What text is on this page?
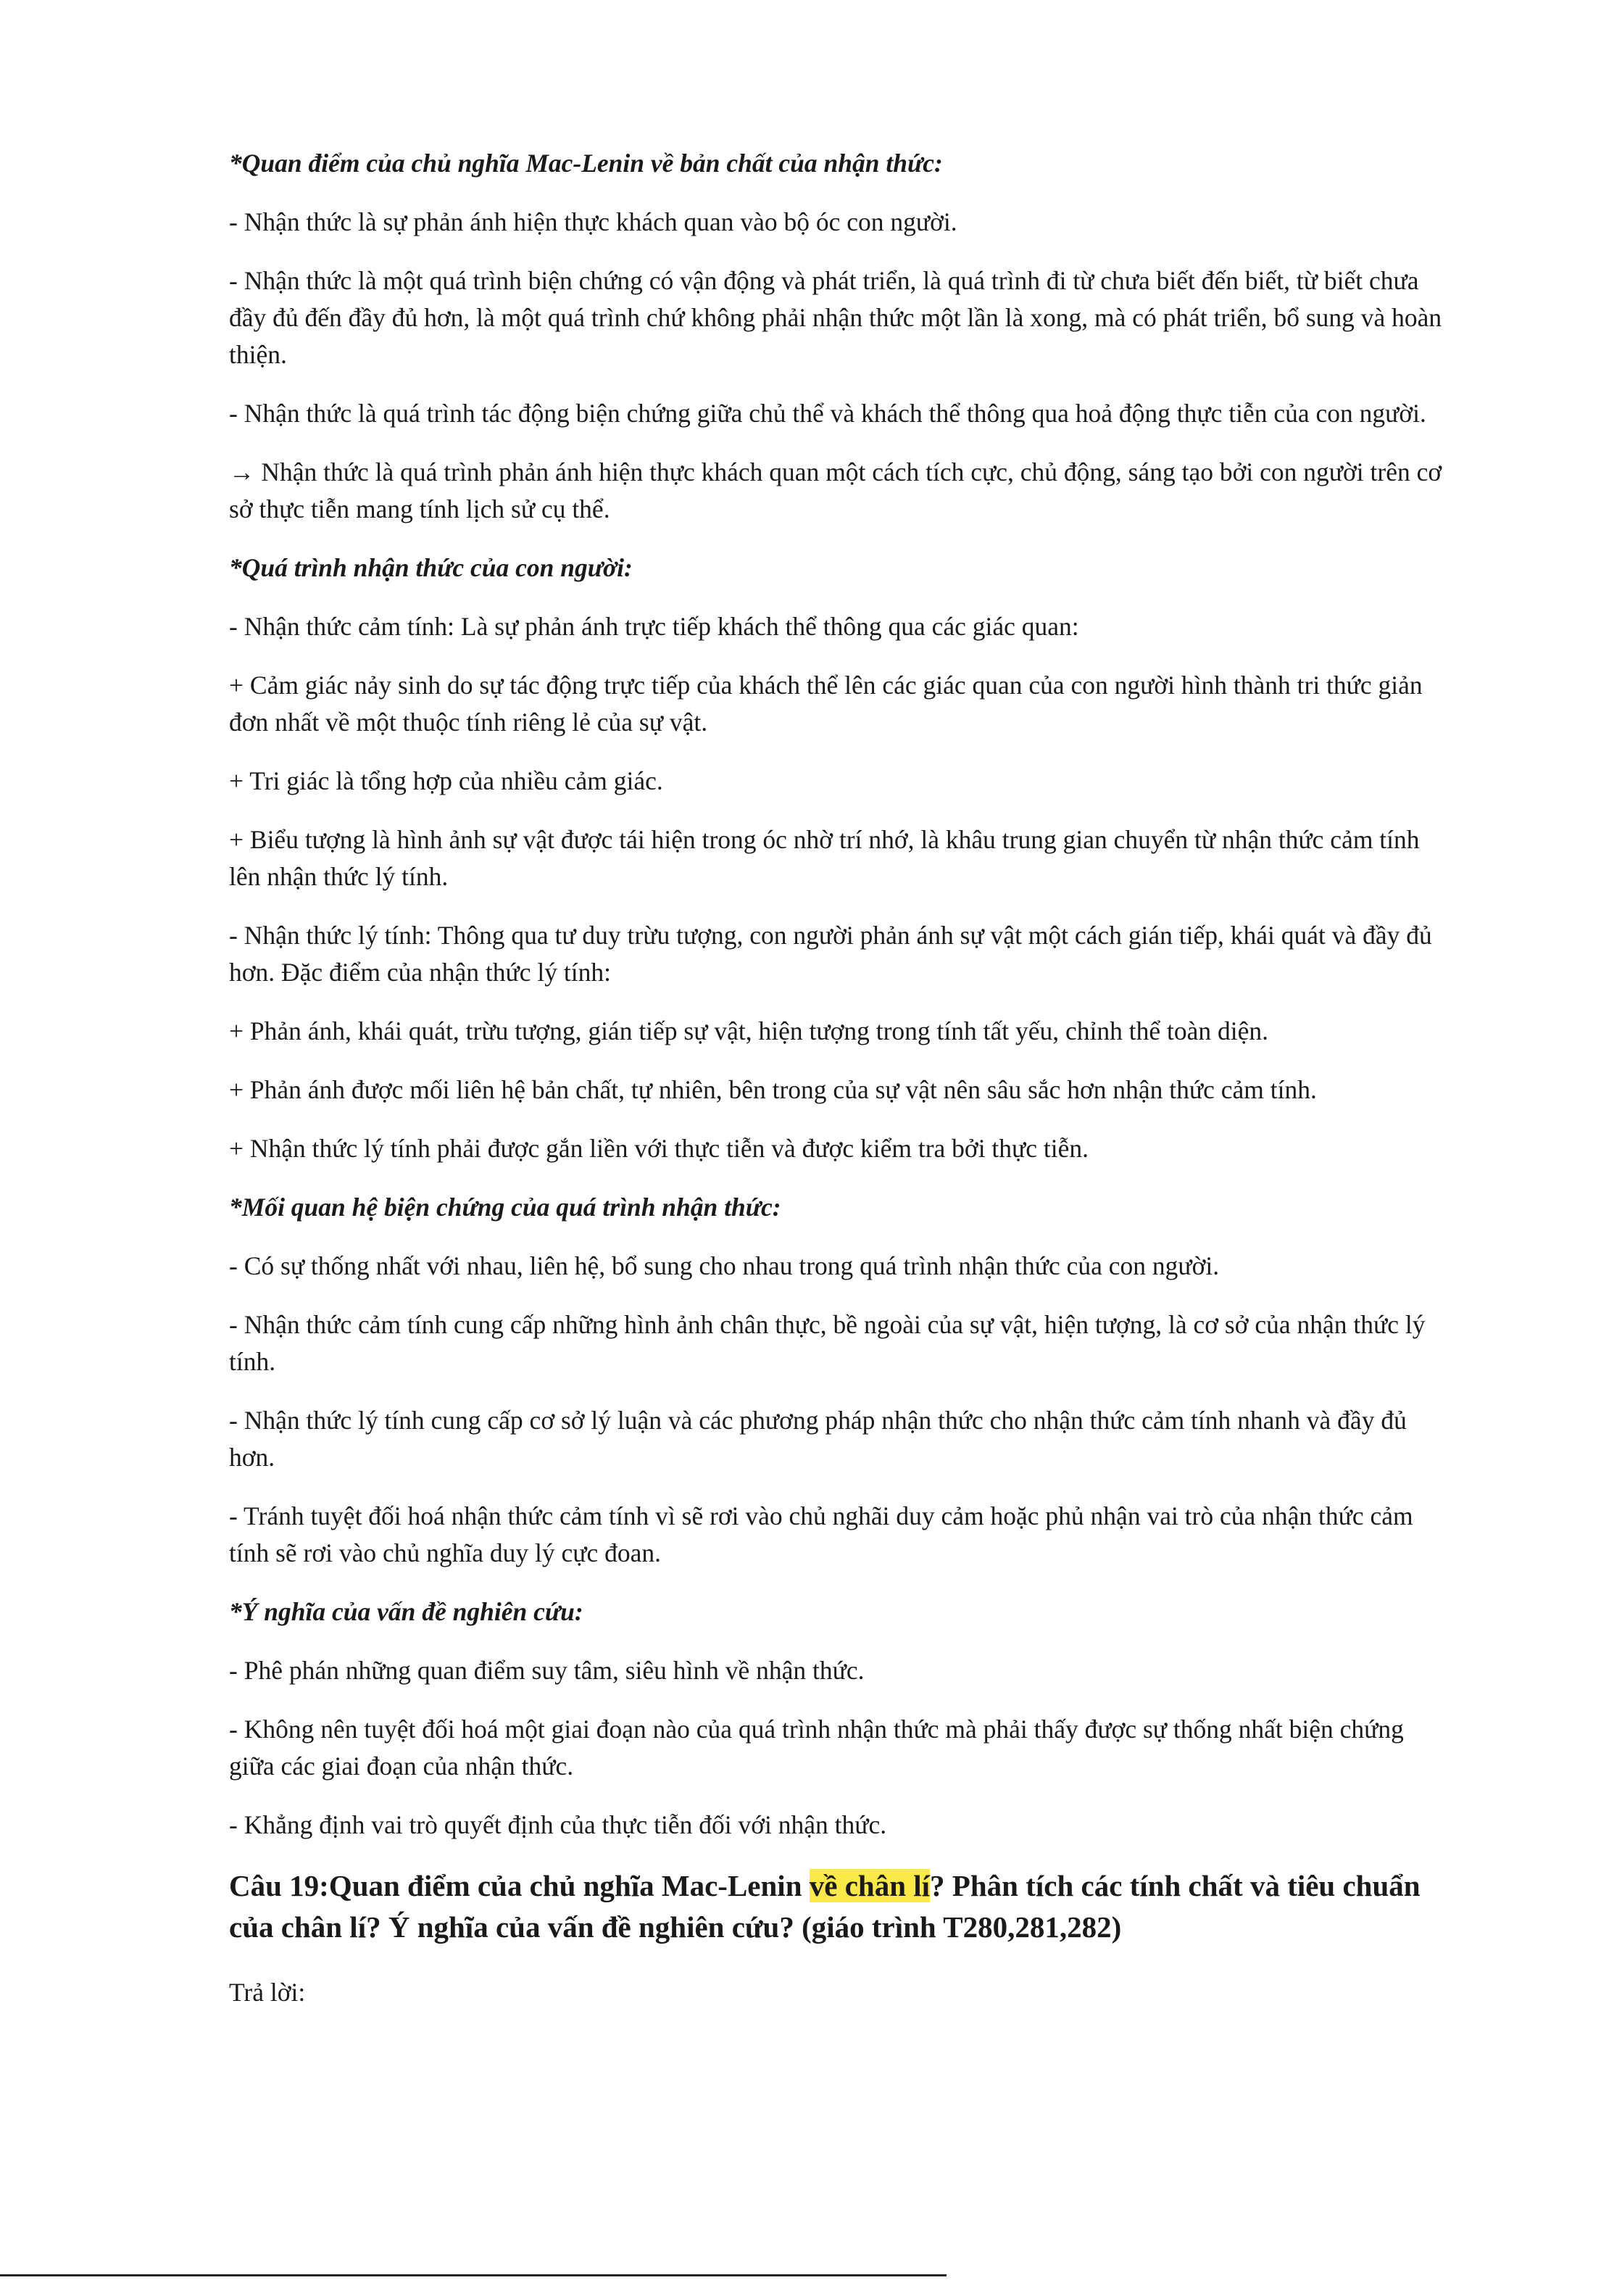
*Quan điểm của chủ nghĩa Mac-Lenin về bản chất của nhận thức:

- Nhận thức là sự phản ánh hiện thực khách quan vào bộ óc con người.

- Nhận thức là một quá trình biện chứng có vận động và phát triển, là quá trình đi từ chưa biết đến biết, từ biết chưa đầy đủ đến đầy đủ hơn, là một quá trình chứ không phải nhận thức một lần là xong, mà có phát triển, bổ sung và hoàn thiện.

- Nhận thức là quá trình tác động biện chứng giữa chủ thể và khách thể thông qua hoả động thực tiễn của con người.

→ Nhận thức là quá trình phản ánh hiện thực khách quan một cách tích cực, chủ động, sáng tạo bởi con người trên cơ sở thực tiễn mang tính lịch sử cụ thể.

*Quá trình nhận thức của con người:

- Nhận thức cảm tính: Là sự phản ánh trực tiếp khách thể thông qua các giác quan:

+ Cảm giác nảy sinh do sự tác động trực tiếp của khách thể lên các giác quan của con người hình thành tri thức giản đơn nhất về một thuộc tính riêng lẻ của sự vật.

+ Tri giác là tổng hợp của nhiều cảm giác.

+ Biểu tượng là hình ảnh sự vật được tái hiện trong óc nhờ trí nhớ, là khâu trung gian chuyển từ nhận thức cảm tính lên nhận thức lý tính.

- Nhận thức lý tính: Thông qua tư duy trừu tượng, con người phản ánh sự vật một cách gián tiếp, khái quát và đầy đủ hơn. Đặc điểm của nhận thức lý tính:

+ Phản ánh, khái quát, trừu tượng, gián tiếp sự vật, hiện tượng trong tính tất yếu, chỉnh thể toàn diện.

+ Phản ánh được mối liên hệ bản chất, tự nhiên, bên trong của sự vật nên sâu sắc hơn nhận thức cảm tính.

+ Nhận thức lý tính phải được gắn liền với thực tiễn và được kiểm tra bởi thực tiễn.

*Mối quan hệ biện chứng của quá trình nhận thức:

- Có sự thống nhất với nhau, liên hệ, bổ sung cho nhau trong quá trình nhận thức của con người.

- Nhận thức cảm tính cung cấp những hình ảnh chân thực, bề ngoài của sự vật, hiện tượng, là cơ sở của nhận thức lý tính.

- Nhận thức lý tính cung cấp cơ sở lý luận và các phương pháp nhận thức cho nhận thức cảm tính nhanh và đầy đủ hơn.

- Tránh tuyệt đối hoá nhận thức cảm tính vì sẽ rơi vào chủ nghãi duy cảm hoặc phủ nhận vai trò của nhận thức cảm tính sẽ rơi vào chủ nghĩa duy lý cực đoan.

*Ý nghĩa của vấn đề nghiên cứu:

- Phê phán những quan điểm suy tâm, siêu hình về nhận thức.

- Không nên tuyệt đối hoá một giai đoạn nào của quá trình nhận thức mà phải thấy được sự thống nhất biện chứng giữa các giai đoạn của nhận thức.

- Khẳng định vai trò quyết định của thực tiễn đối với nhận thức.

Câu 19:Quan điểm của chủ nghĩa Mac-Lenin về chân lí? Phân tích các tính chất và tiêu chuẩn của chân lí? Ý nghĩa của vấn đề nghiên cứu? (giáo trình T280,281,282)

Trả lời:
